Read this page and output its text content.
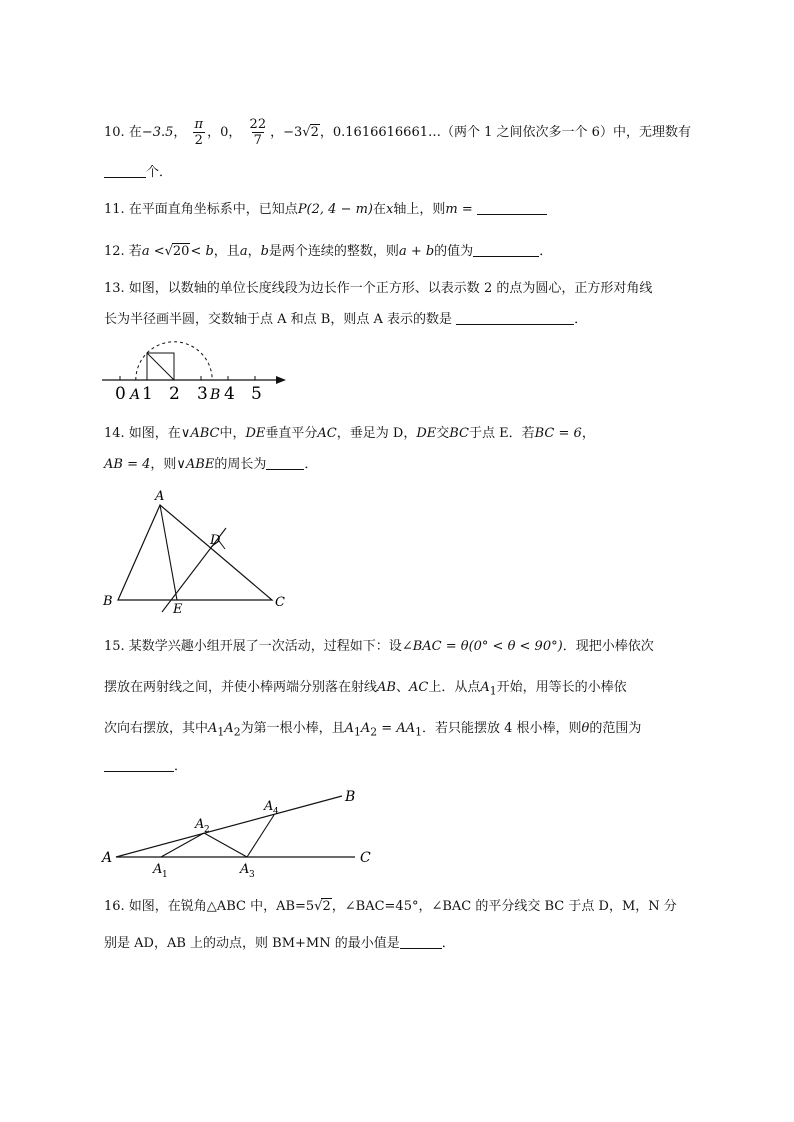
10. 在−3.5， $\frac{\pi}{2}$ ，0， $\frac{22}{7}$ ，−3√2，0.1616616661…（两个 1 之间依次多一个 6）中，无理数有
个．
11. 在平面直角坐标系中，已知点P(2, 4 − m)在x轴上，则m =
12. 若a <√20< b，且a，b是两个连续的整数，则a + b的值为	．
13. 如图，以数轴的单位长度线段为边长作一个正方形、以表示数 2 的点为圆心，正方形对角线
长为半径画半圆，交数轴于点 A 和点 B，则点 A 表示的数是	．
0 A 1 2 3 B 4 5
14. 如图，在∨ABC中，DE垂直平分AC，垂足为 D，DE交BC于点 E．若BC = 6，
AB = 4，则∨ABE的周长为	．
A
B	C
D
E
15. 某数学兴趣小组开展了一次活动，过程如下：设∠BAC = θ(0° < θ < 90°)．现把小棒依次
摆放在两射线之间，并使小棒两端分别落在射线AB、AC上．从点$A_1$开始，用等长的小棒依
次向右摆放，其中$A_1A_2$为第一根小棒，且$A_1A_2 = AA_1$．若只能摆放 4 根小棒，则θ的范围为
．
A
B
C
A 1
A 2
A 3
A 4
16. 如图，在锐角△ABC 中，AB=5√2，∠BAC=45°，∠BAC 的平分线交 BC 于点 D，M，N 分
别是 AD，AB 上的动点，则 BM+MN 的最小值是	．
